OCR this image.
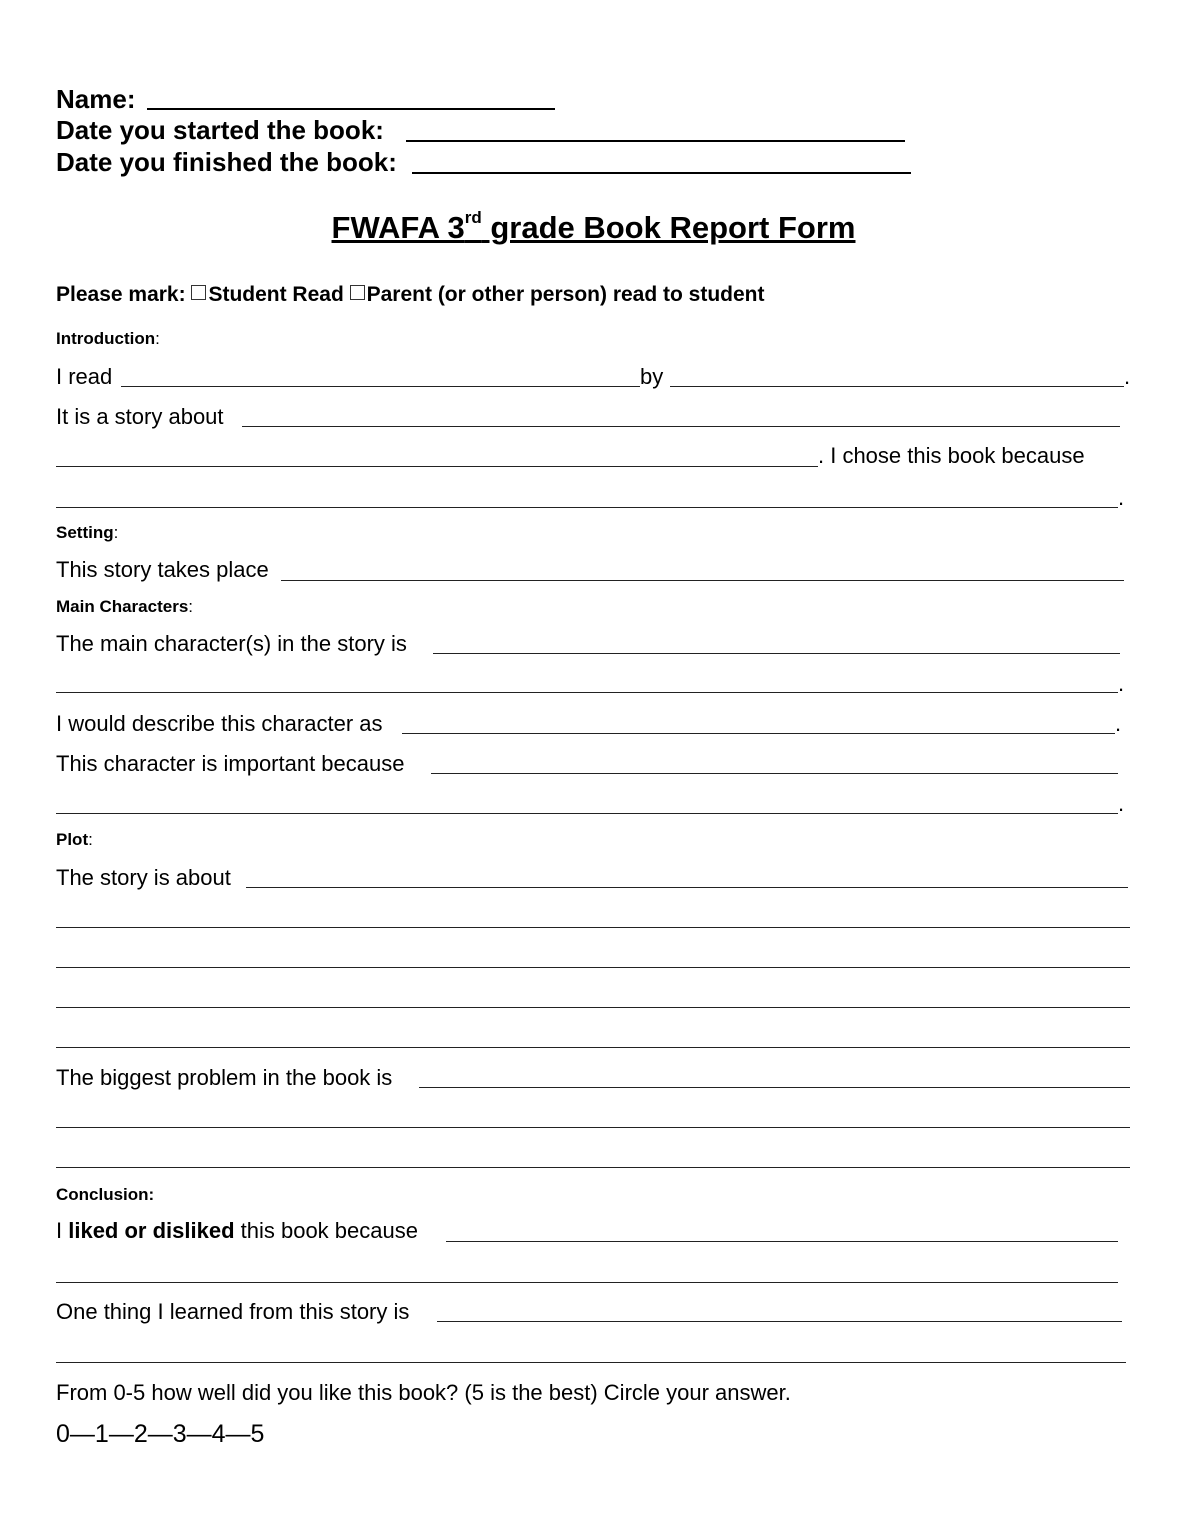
Name:
Date you started the book:
Date you finished the book:
FWAFA 3rd grade Book Report Form
Please mark: Student Read Parent (or other person) read to student
Introduction:
I read	by	.
It is a story about
. I chose this book because
.
Setting:
This story takes place
Main Characters:
The main character(s) in the story is
.
I would describe this character as	.
This character is important because
.
Plot:
The story is about
The biggest problem in the book is
Conclusion:
I liked or disliked this book because
One thing I learned from this story is
From 0-5 how well did you like this book? (5 is the best) Circle your answer.
0—1—2—3—4—5
